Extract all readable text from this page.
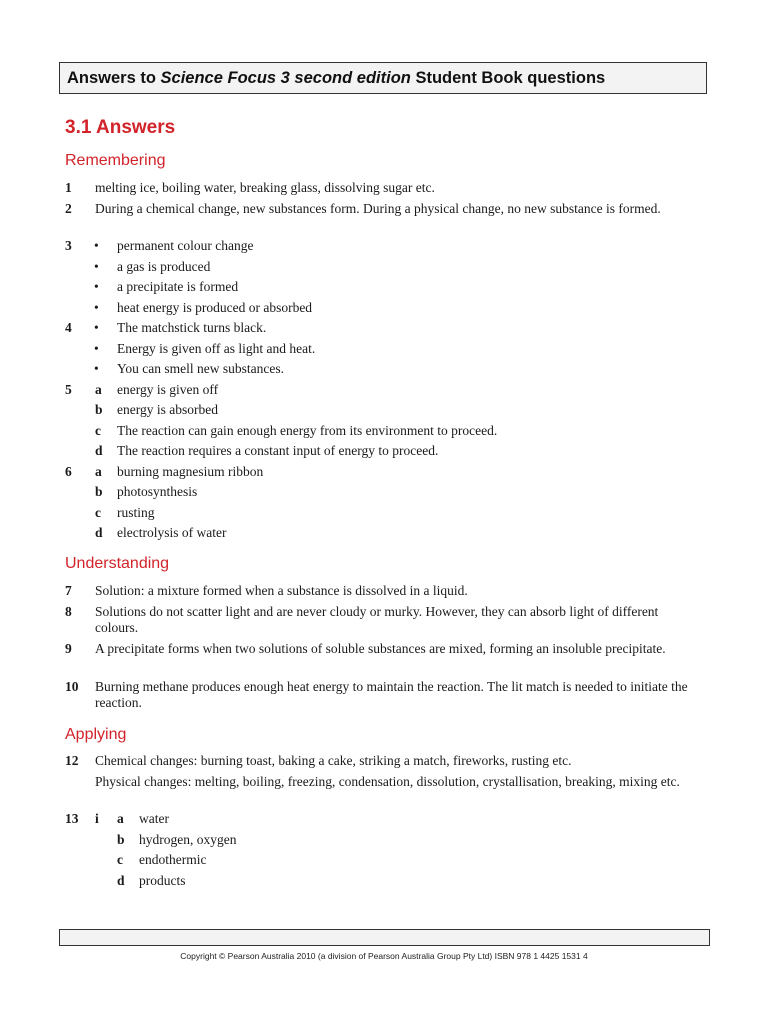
Answers to Science Focus 3 second edition Student Book questions
3.1 Answers
Remembering
1 melting ice, boiling water, breaking glass, dissolving sugar etc.
2 During a chemical change, new substances form. During a physical change, no new substance is formed.
3 • permanent colour change
• a gas is produced
• a precipitate is formed
• heat energy is produced or absorbed
4 • The matchstick turns black.
• Energy is given off as light and heat.
• You can smell new substances.
5 a energy is given off
b energy is absorbed
c The reaction can gain enough energy from its environment to proceed.
d The reaction requires a constant input of energy to proceed.
6 a burning magnesium ribbon
b photosynthesis
c rusting
d electrolysis of water
Understanding
7 Solution: a mixture formed when a substance is dissolved in a liquid.
8 Solutions do not scatter light and are never cloudy or murky. However, they can absorb light of different colours.
9 A precipitate forms when two solutions of soluble substances are mixed, forming an insoluble precipitate.
10 Burning methane produces enough heat energy to maintain the reaction. The lit match is needed to initiate the reaction.
Applying
12 Chemical changes: burning toast, baking a cake, striking a match, fireworks, rusting etc.
Physical changes: melting, boiling, freezing, condensation, dissolution, crystallisation, breaking, mixing etc.
13 i a water
b hydrogen, oxygen
c endothermic
d products
Copyright © Pearson Australia 2010 (a division of Pearson Australia Group Pty Ltd) ISBN 978 1 4425 1531 4
